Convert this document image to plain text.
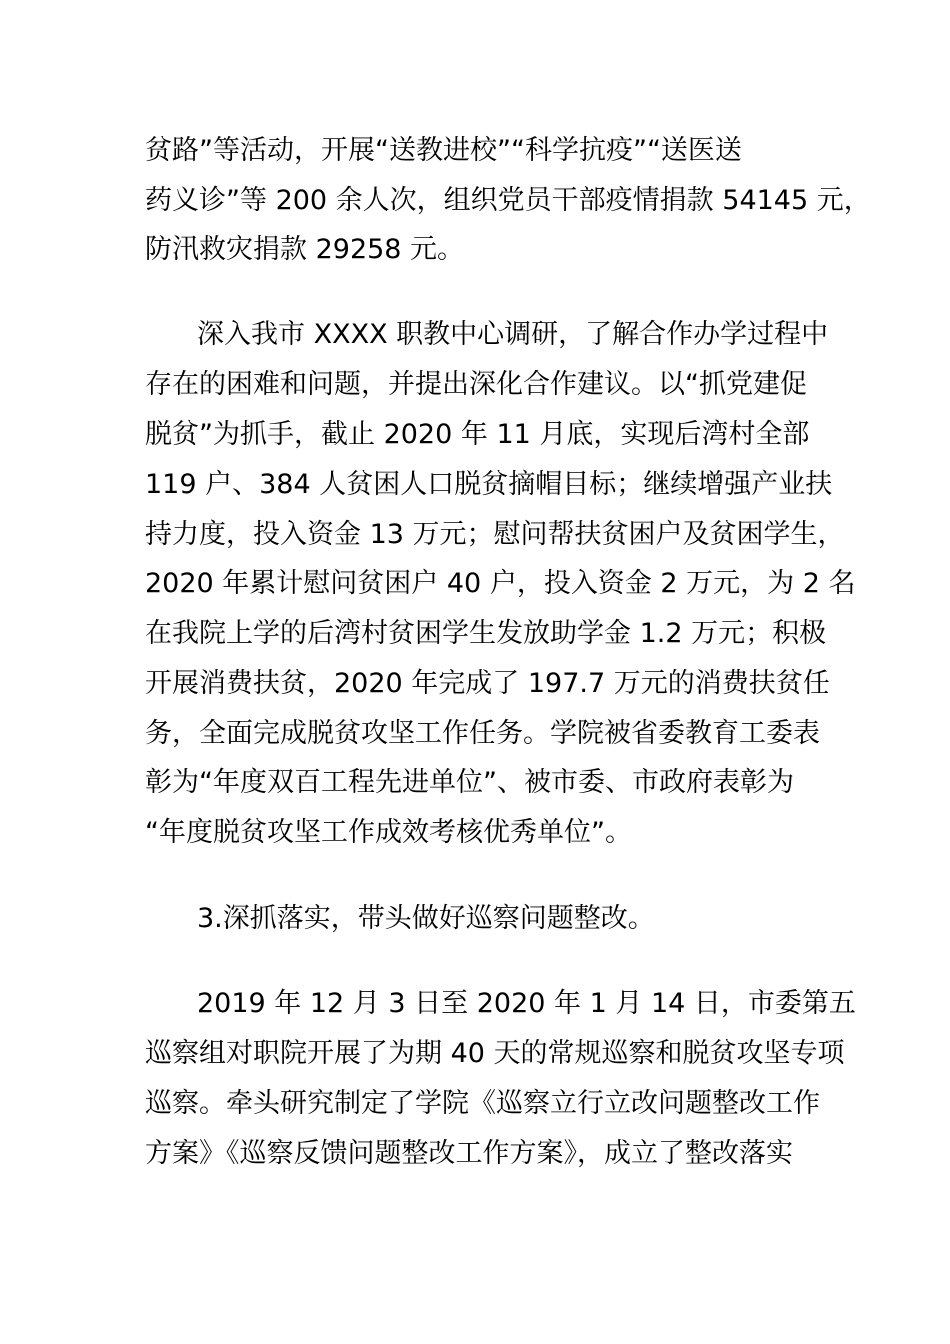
贫路”等活动，开展“送教进校”“科学抗疫”“送医送
药义诊”等 200 余人次，组织党员干部疫情捐款 54145 元，
防汛救灾捐款 29258 元。
深入我市 XXXX 职教中心调研，了解合作办学过程中
存在的困难和问题，并提出深化合作建议。以“抓党建促
脱贫”为抓手，截止 2020 年 11 月底，实现后湾村全部
119 户、384 人贫困人口脱贫摘帽目标；继续增强产业扶
持力度，投入资金 13 万元；慰问帮扶贫困户及贫困学生，
2020 年累计慰问贫困户 40 户，投入资金 2 万元，为 2 名
在我院上学的后湾村贫困学生发放助学金 1.2 万元；积极
开展消费扶贫，2020 年完成了 197.7 万元的消费扶贫任
务，全面完成脱贫攻坚工作任务。学院被省委教育工委表
彰为“年度双百工程先进单位”、被市委、市政府表彰为
“年度脱贫攻坚工作成效考核优秀单位”。
3.深抓落实，带头做好巡察问题整改。
2019 年 12 月 3 日至 2020 年 1 月 14 日，市委第五
巡察组对职院开展了为期 40 天的常规巡察和脱贫攻坚专项
巡察。牵头研究制定了学院《巡察立行立改问题整改工作
方案》《巡察反馈问题整改工作方案》，成立了整改落实
